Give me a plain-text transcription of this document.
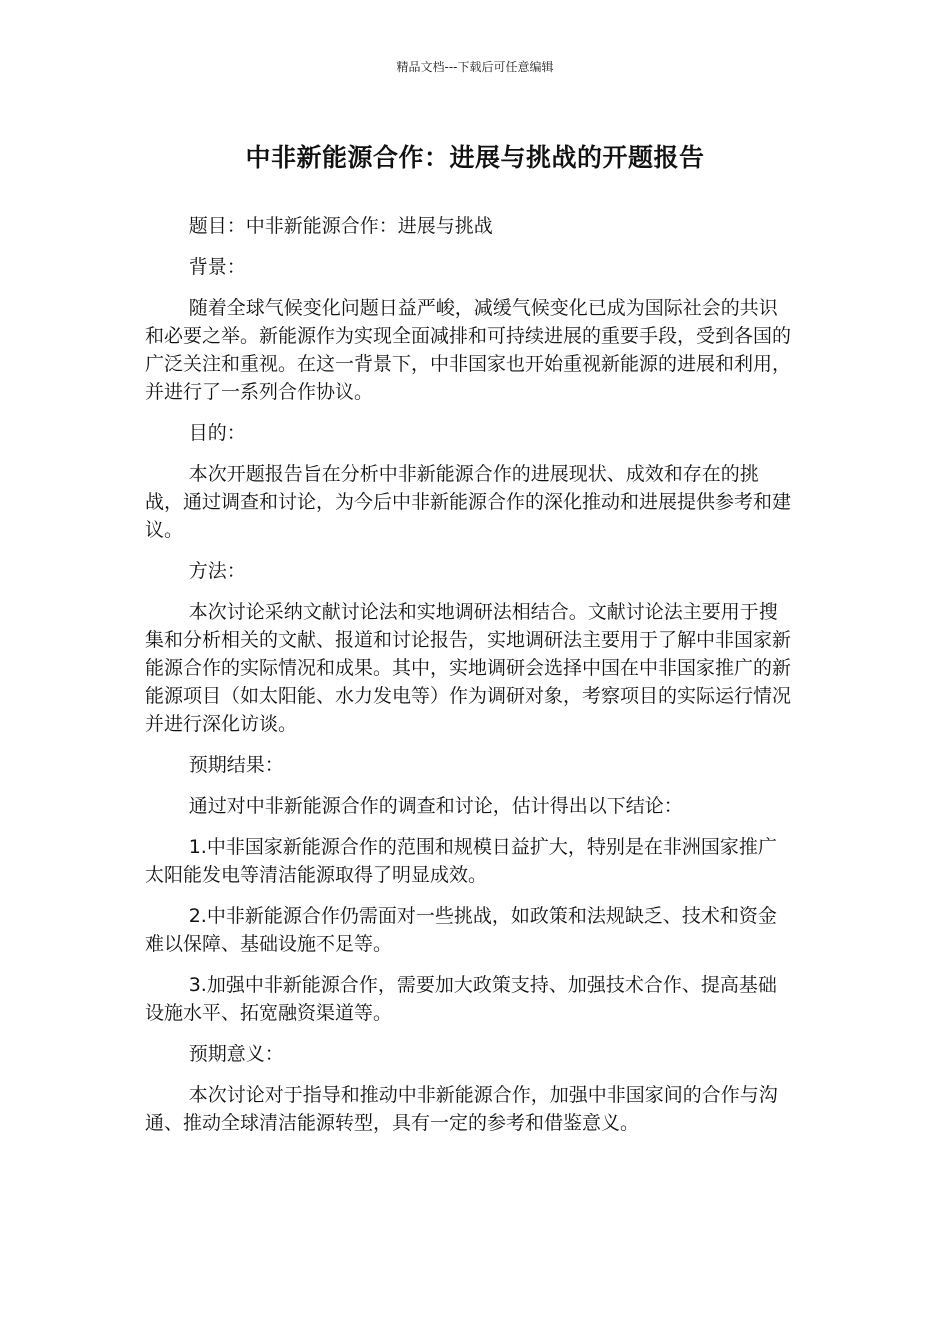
精品文档---下载后可任意编辑
中非新能源合作：进展与挑战的开题报告

题目：中非新能源合作：进展与挑战

背景：

随着全球气候变化问题日益严峻，减缓气候变化已成为国际社会的共识和必要之举。新能源作为实现全面减排和可持续进展的重要手段，受到各国的广泛关注和重视。在这一背景下，中非国家也开始重视新能源的进展和利用，并进行了一系列合作协议。

目的：

本次开题报告旨在分析中非新能源合作的进展现状、成效和存在的挑战，通过调查和讨论，为今后中非新能源合作的深化推动和进展提供参考和建议。

方法：

本次讨论采纳文献讨论法和实地调研法相结合。文献讨论法主要用于搜集和分析相关的文献、报道和讨论报告，实地调研法主要用于了解中非国家新能源合作的实际情况和成果。其中，实地调研会选择中国在中非国家推广的新能源项目（如太阳能、水力发电等）作为调研对象，考察项目的实际运行情况并进行深化访谈。

预期结果：

通过对中非新能源合作的调查和讨论，估计得出以下结论：

1.中非国家新能源合作的范围和规模日益扩大，特别是在非洲国家推广太阳能发电等清洁能源取得了明显成效。

2.中非新能源合作仍需面对一些挑战，如政策和法规缺乏、技术和资金难以保障、基础设施不足等。

3.加强中非新能源合作，需要加大政策支持、加强技术合作、提高基础设施水平、拓宽融资渠道等。

预期意义：

本次讨论对于指导和推动中非新能源合作，加强中非国家间的合作与沟通、推动全球清洁能源转型，具有一定的参考和借鉴意义。
